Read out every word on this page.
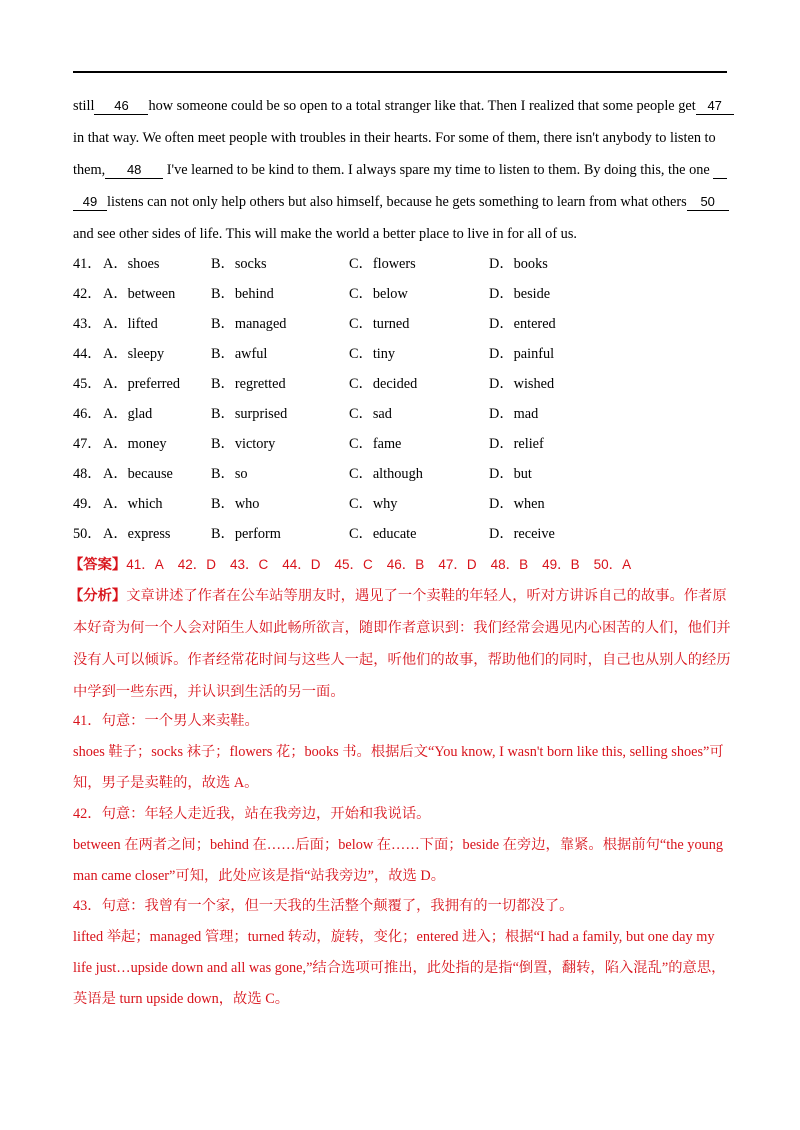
still 46 how someone could be so open to a total stranger like that. Then I realized that some people get 47
in that way. We often meet people with troubles in their hearts. For some of them, there isn't anybody to listen to
them, 48 I've learned to be kind to them. I always spare my time to listen to them. By doing this, the one
49 listens can not only help others but also himself, because he gets something to learn from what others 50
and see other sides of life. This will make the world a better place to live in for all of us.
41． A．shoes	B．socks	C．flowers	D．books
42． A．between B．behind	C．below	D．beside
43． A．lifted	B．managed	C．turned	D．entered
44． A．sleepy	B．awful	C．tiny	D．painful
45． A．preferred B．regretted	C．decided	D．wished
46． A．glad	B．surprised	C．sad	D．mad
47． A．money	B．victory	C．fame	D．relief
48． A．because	B．so	C．although	D．but
49． A．which	B．who	C．why	D．when
50． A．express	B．perform	C．educate	D．receive
【答案】41．A 42．D 43．C 44．D 45．C 46．B 47．D 48．B 49．B 50．A
【分析】文章讲述了作者在公车站等朋友时，遇见了一个卖鞋的年轻人，听对方讲诉自己的故事。作者原
本好奇为何一个人会对陌生人如此畅所欲言，随即作者意识到：我们经常会遇见内心困苦的人们，他们并
没有人可以倾诉。作者经常花时间与这些人一起，听他们的故事，帮助他们的同时，自己也从别人的经历
中学到一些东西，并认识到生活的另一面。
41．句意：一个男人来卖鞋。
shoes 鞋子；socks 袜子；flowers 花；books 书。根据后文“You know, I wasn't born like this, selling shoes”可
知，男子是卖鞋的，故选 A。
42．句意：年轻人走近我，站在我旁边，开始和我说话。
between 在两者之间；behind 在……后面；below 在……下面；beside 在旁边，靠紧。根据前句“the young
man came closer”可知，此处应该是指“站我旁边”，故选 D。
43．句意：我曾有一个家，但一天我的生活整个颠覆了，我拥有的一切都没了。
lifted 举起；managed 管理；turned 转动，旋转，变化；entered 进入；根据“I had a family, but one day my
life just…upside down and all was gone,”结合选项可推出，此处指的是指“倒置，翻转，陷入混乱”的意思，
英语是 turn upside down，故选 C。
